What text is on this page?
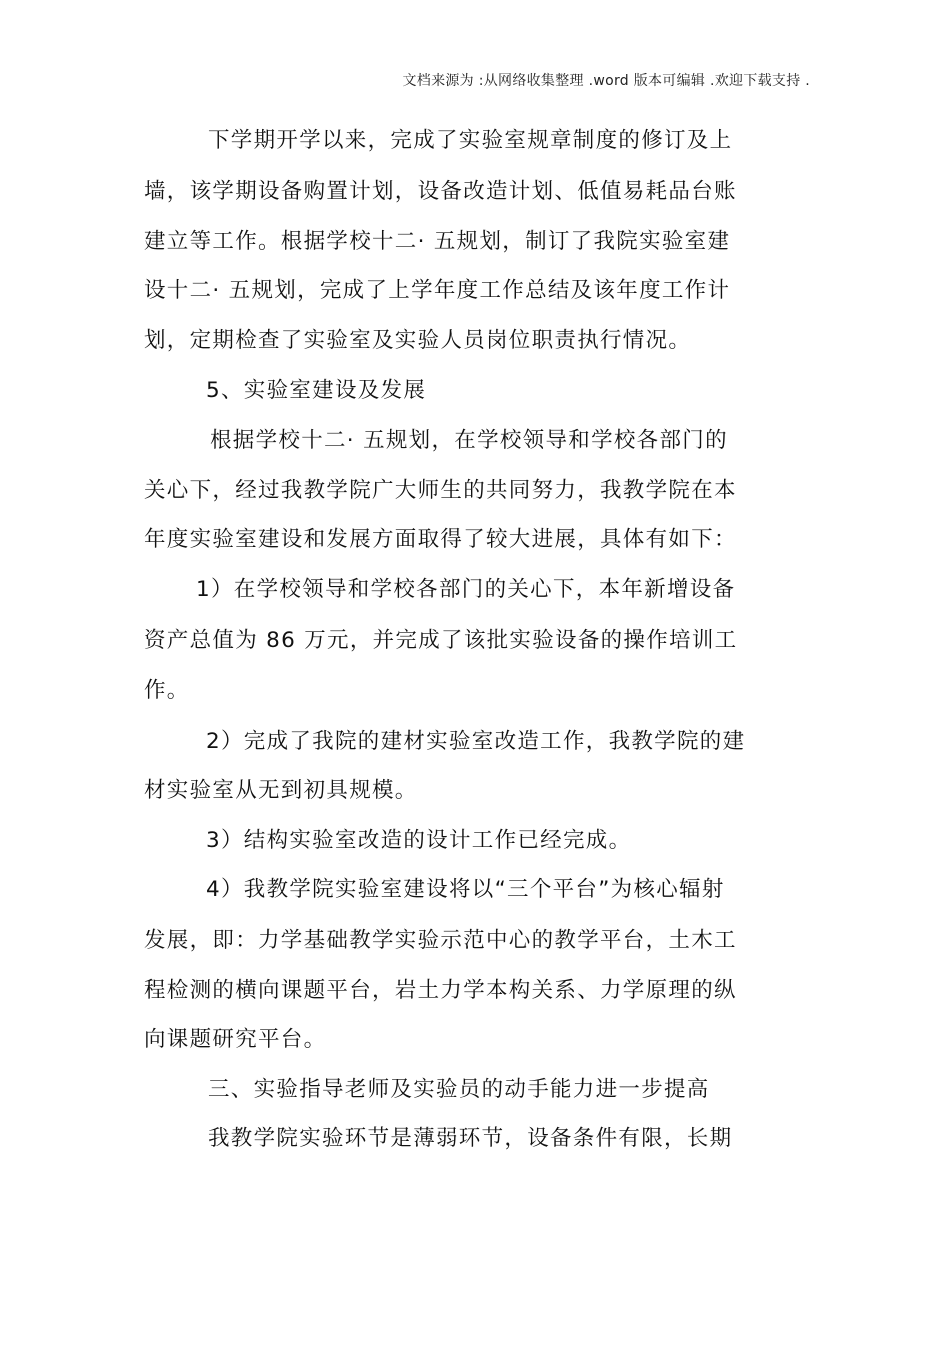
文档来源为 :从网络收集整理 .word 版本可编辑 .欢迎下载支持 .
下学期开学以来，完成了实验室规章制度的修订及上
墙，该学期设备购置计划，设备改造计划、低值易耗品台账
建立等工作。根据学校十二· 五规划，制订了我院实验室建
设十二· 五规划，完成了上学年度工作总结及该年度工作计
划，定期检查了实验室及实验人员岗位职责执行情况。
5、实验室建设及发展
根据学校十二· 五规划，在学校领导和学校各部门的
关心下，经过我教学院广大师生的共同努力，我教学院在本
年度实验室建设和发展方面取得了较大进展，具体有如下：
1）在学校领导和学校各部门的关心下，本年新增设备
资产总值为 86 万元，并完成了该批实验设备的操作培训工
作。
2）完成了我院的建材实验室改造工作，我教学院的建
材实验室从无到初具规模。
3）结构实验室改造的设计工作已经完成。
4）我教学院实验室建设将以“三个平台”为核心辐射
发展，即：力学基础教学实验示范中心的教学平台，土木工
程检测的横向课题平台，岩土力学本构关系、力学原理的纵
向课题研究平台。
三、实验指导老师及实验员的动手能力进一步提高
我教学院实验环节是薄弱环节，设备条件有限，长期
